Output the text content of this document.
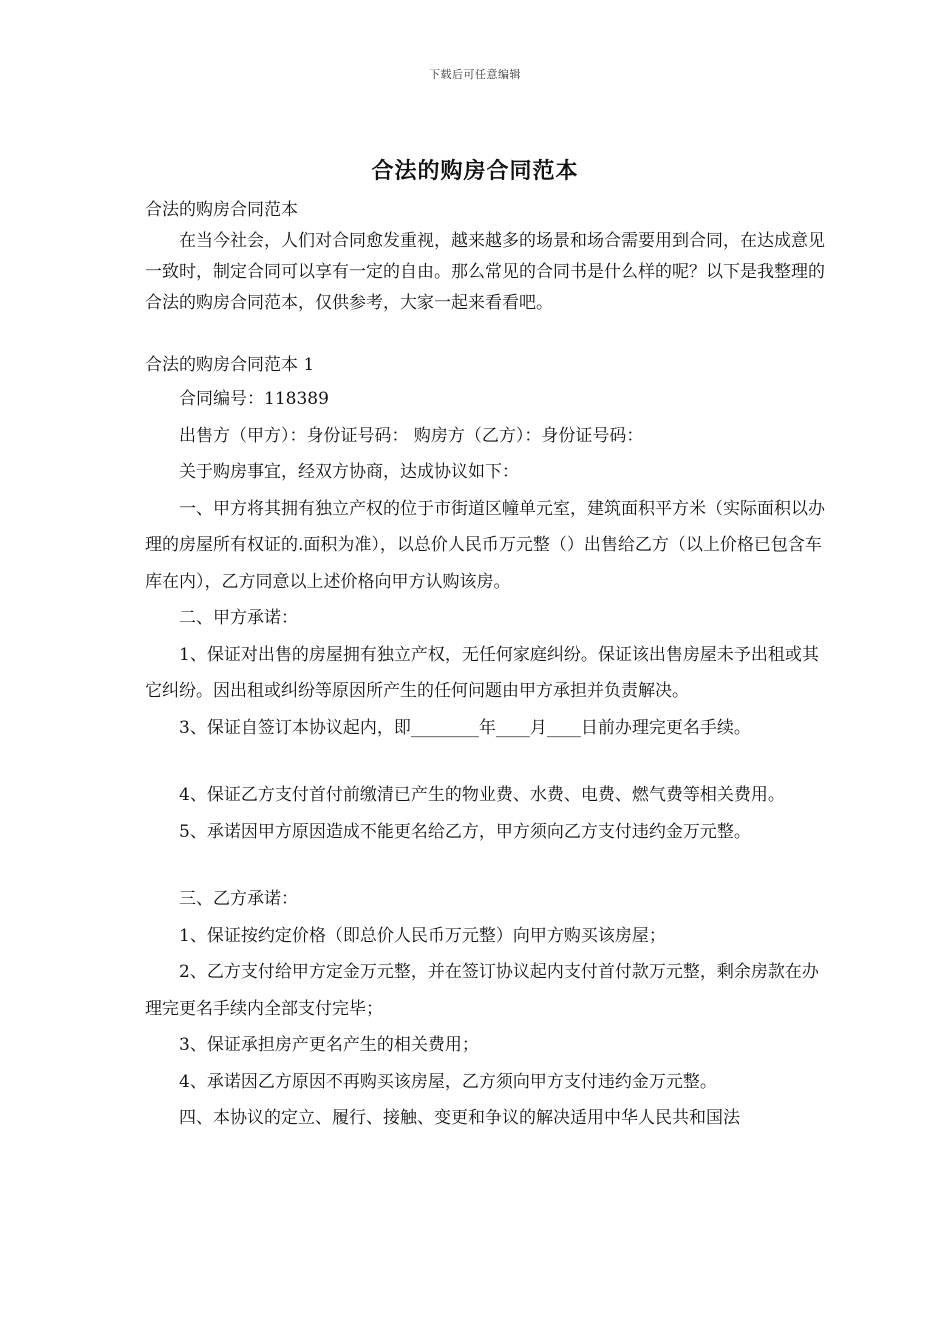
下载后可任意编辑
合法的购房合同范本

合法的购房合同范本

在当今社会，人们对合同愈发重视，越来越多的场景和场合需要用到合同，在达成意见一致时，制定合同可以享有一定的自由。那么常见的合同书是什么样的呢？以下是我整理的合法的购房合同范本，仅供参考，大家一起来看看吧。

合法的购房合同范本 1

合同编号：118389

出售方（甲方）：身份证号码： 购房方（乙方）：身份证号码：

关于购房事宜，经双方协商，达成协议如下：

一、甲方将其拥有独立产权的位于市街道区幢单元室，建筑面积平方米（实际面积以办理的房屋所有权证的.面积为准），以总价人民币万元整（）出售给乙方（以上价格已包含车库在内），乙方同意以上述价格向甲方认购该房。

二、甲方承诺：

1、保证对出售的房屋拥有独立产权，无任何家庭纠纷。保证该出售房屋未予出租或其它纠纷。因出租或纠纷等原因所产生的任何问题由甲方承担并负责解决。

3、保证自签订本协议起内，即________年____月____日前办理完更名手续。

4、保证乙方支付首付前缴清已产生的物业费、水费、电费、燃气费等相关费用。

5、承诺因甲方原因造成不能更名给乙方，甲方须向乙方支付违约金万元整。

三、乙方承诺：

1、保证按约定价格（即总价人民币万元整）向甲方购买该房屋；

2、乙方支付给甲方定金万元整，并在签订协议起内支付首付款万元整，剩余房款在办理完更名手续内全部支付完毕；

3、保证承担房产更名产生的相关费用；

4、承诺因乙方原因不再购买该房屋，乙方须向甲方支付违约金万元整。

四、本协议的定立、履行、接触、变更和争议的解决适用中华人民共和国法
